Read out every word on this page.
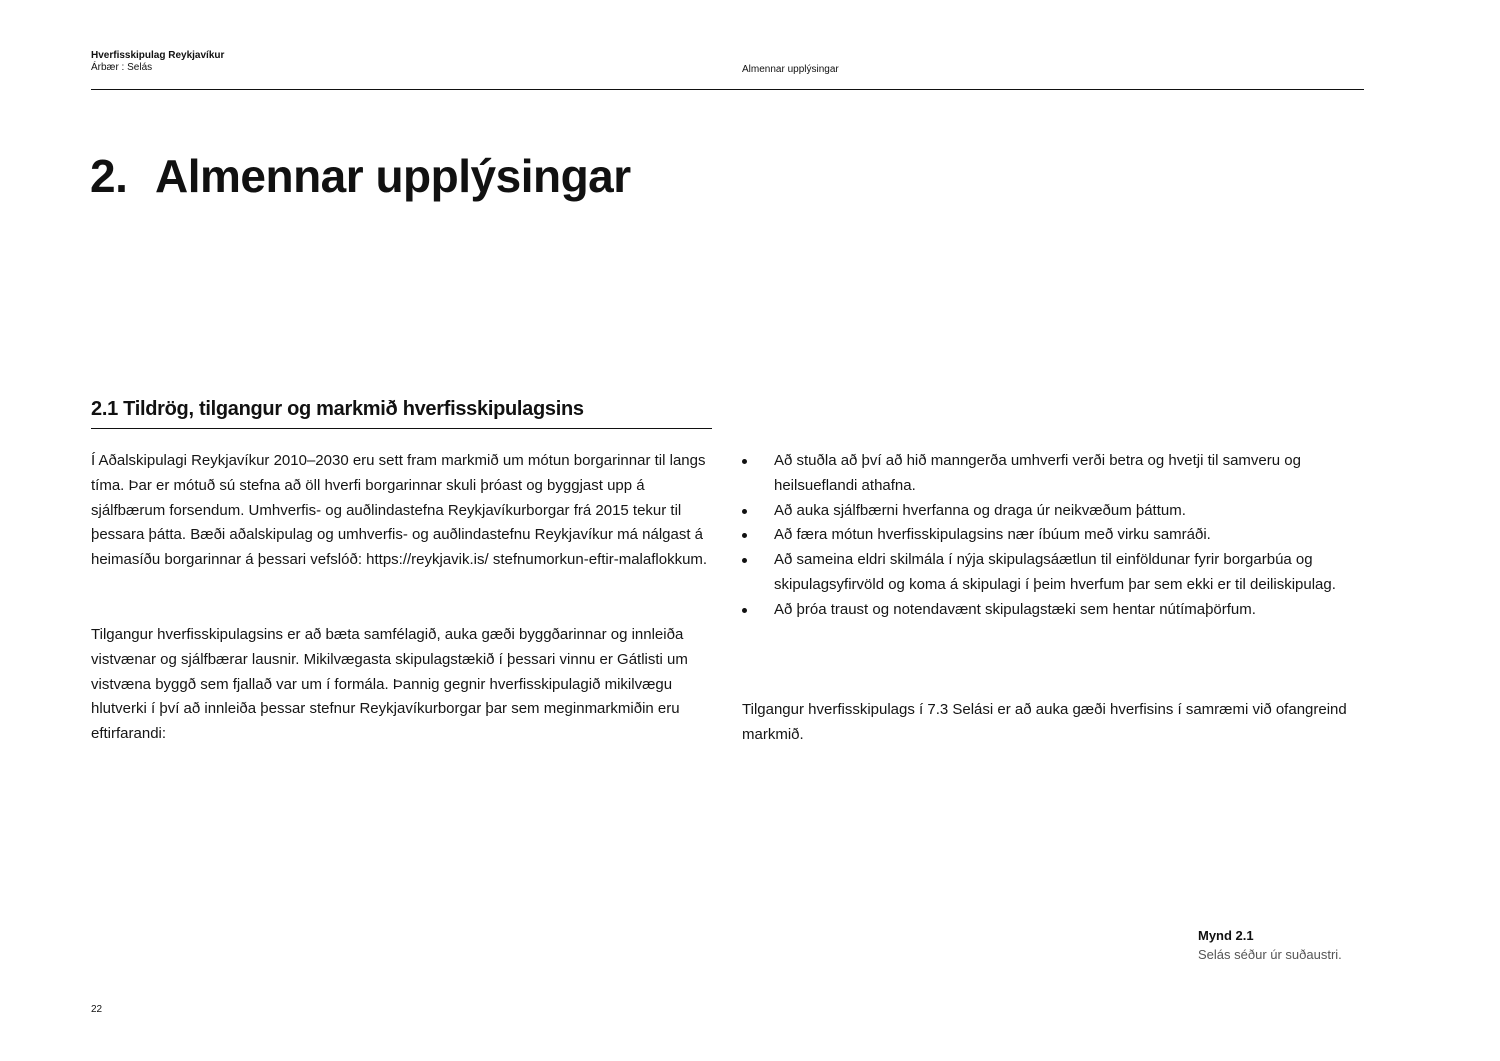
Hverfisskipulag Reykjavíkur
Árbær : Selás	Almennar upplýsingar
2. Almennar upplýsingar
2.1 Tildrög, tilgangur og markmið hverfisskipulagsins

Í Aðalskipulagi Reykjavíkur 2010–2030 eru sett fram markmið um mótun borgarinnar til langs tíma. Þar er mótuð sú stefna að öll hverfi borgarinnar skuli þróast og byggjast upp á sjálfbærum forsendum. Umhverfis- og auðlindastefna Reykjavíkurborgar frá 2015 tekur til þessara þátta. Bæði aðalskipulag og umhverfis- og auðlindastefnu Reykjavíkur má nálgast á heimasíðu borgarinnar á þessari vefslóð: https://reykjavik.is/ stefnumorkun-eftir-malaflokkum.

Tilgangur hverfisskipulagsins er að bæta samfélagið, auka gæði byggðarinnar og innleiða vistvænar og sjálfbærar lausnir. Mikilvægasta skipulagstækið í þessari vinnu er Gátlisti um vistvæna byggð sem fjallað var um í formála. Þannig gegnir hverfisskipulagið mikilvægu hlutverki í því að innleiða þessar stefnur Reykjavíkurborgar þar sem meginmarkmiðin eru eftirfarandi:

Að stuðla að því að hið manngerða umhverfi verði betra og hvetji til samveru og heilsueflandi athafna.
Að auka sjálfbærni hverfanna og draga úr neikvæðum þáttum.
Að færa mótun hverfisskipulagsins nær íbúum með virku samráði.
Að sameina eldri skilmála í nýja skipulagsáætlun til einföldunar fyrir borgarbúa og skipulagsyfirvöld og koma á skipulagi í þeim hverfum þar sem ekki er til deiliskipulag.
Að þróa traust og notendavænt skipulagstæki sem hentar nútímaþörfum.

Tilgangur hverfisskipulags í 7.3 Selási er að auka gæði hverfisins í samræmi við ofangreind markmið.

Mynd 2.1
Selás séður úr suðaustri.
22
